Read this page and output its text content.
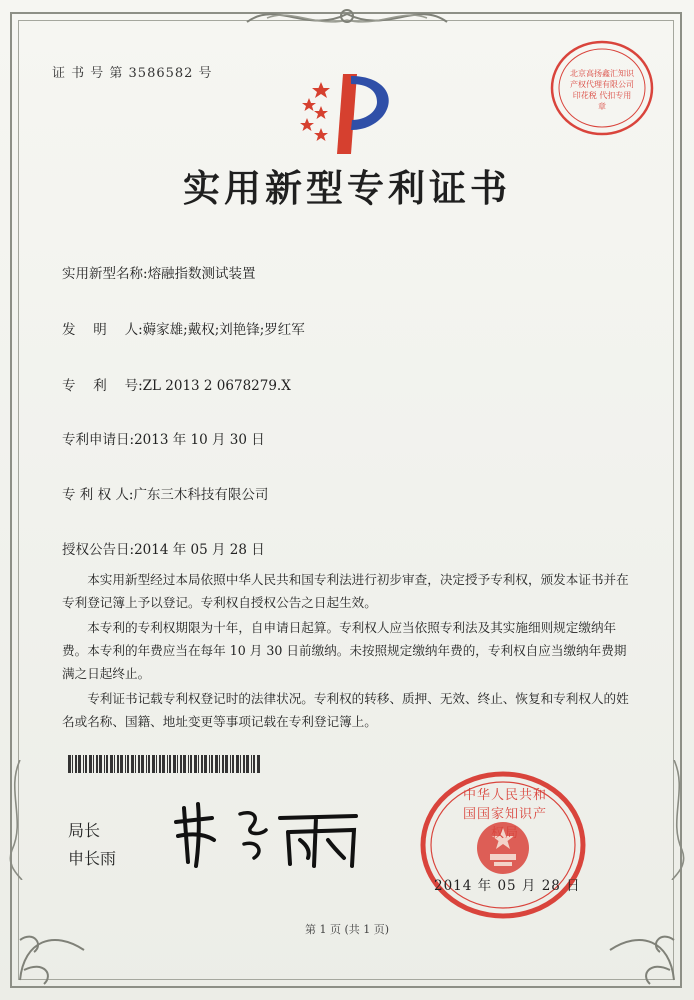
证 书 号 第 3586582 号	北京高扬鑫汇知识产权代理有限公司 印花税 代扣专用章
实用新型专利证书
实用新型名称:熔融指数测试装置
发　 明　 人:薅家雄;戴权;刘艳锋;罗红军
专　 利　 号:ZL 2013 2 0678279.X
专利申请日:2013 年 10 月 30 日
专 利 权 人:广东三木科技有限公司
授权公告日:2014 年 05 月 28 日

本实用新型经过本局依照中华人民共和国专利法进行初步审查，决定授予专利权，颁发本证书并在专利登记簿上予以登记。专利权自授权公告之日起生效。

本专利的专利权期限为十年，自申请日起算。专利权人应当依照专利法及其实施细则规定缴纳年费。本专利的年费应当在每年 10 月 30 日前缴纳。未按照规定缴纳年费的，专利权自应当缴纳年费期满之日起终止。

专利证书记载专利权登记时的法律状况。专利权的转移、质押、无效、终止、恢复和专利权人的姓名或名称、国籍、地址变更等事项记载在专利登记簿上。

局长
申长雨
中华人民共和国国家知识产权局
2014 年 05 月 28 日
第 1 页 (共 1 页)
